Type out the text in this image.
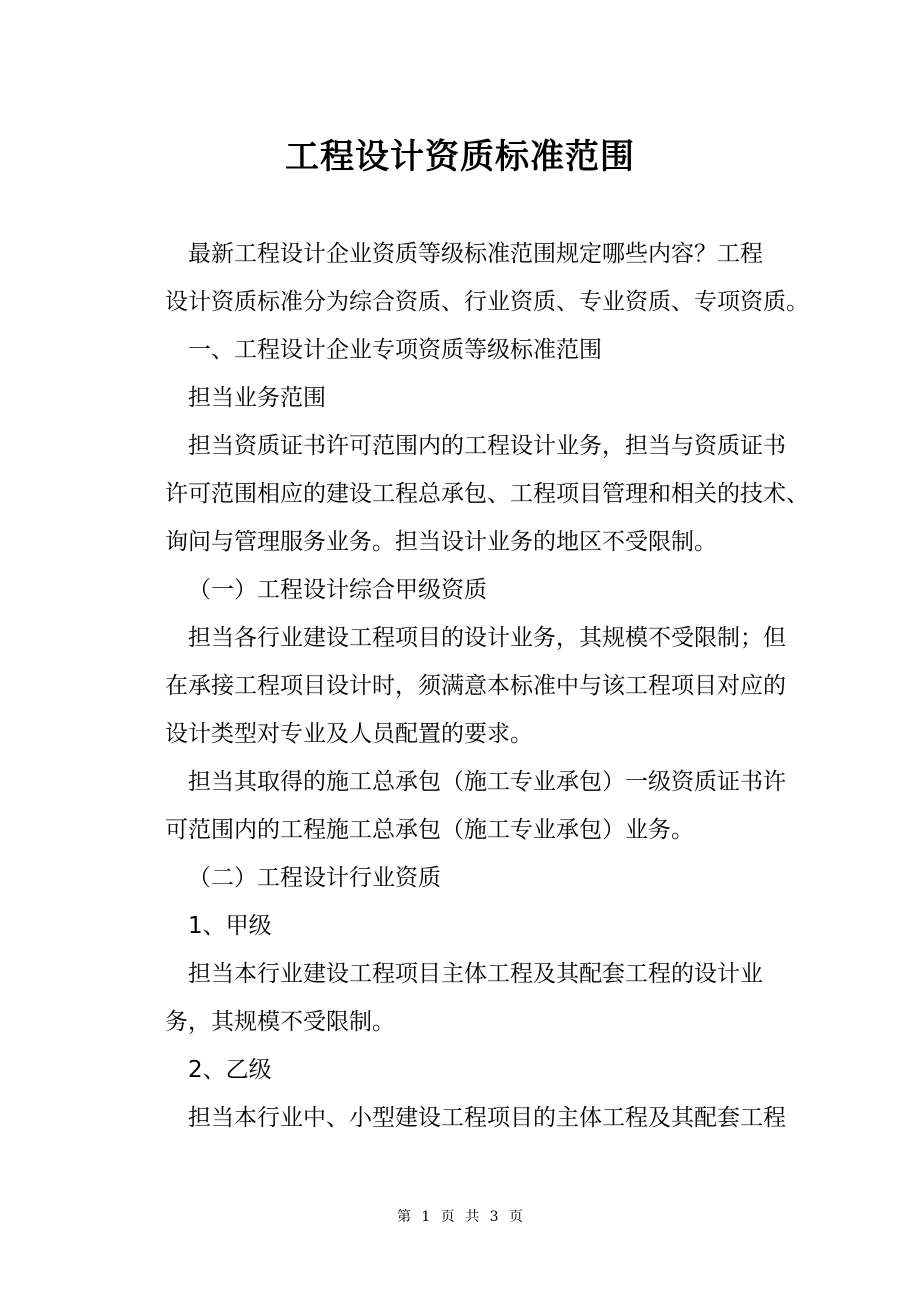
工程设计资质标准范围

最新工程设计企业资质等级标准范围规定哪些内容？工程

设计资质标准分为综合资质、行业资质、专业资质、专项资质。

一、工程设计企业专项资质等级标准范围

担当业务范围

担当资质证书许可范围内的工程设计业务，担当与资质证书

许可范围相应的建设工程总承包、工程项目管理和相关的技术、

询问与管理服务业务。担当设计业务的地区不受限制。

（一）工程设计综合甲级资质

担当各行业建设工程项目的设计业务，其规模不受限制；但

在承接工程项目设计时，须满意本标准中与该工程项目对应的

设计类型对专业及人员配置的要求。

担当其取得的施工总承包（施工专业承包）一级资质证书许

可范围内的工程施工总承包（施工专业承包）业务。

（二）工程设计行业资质

1、甲级

担当本行业建设工程项目主体工程及其配套工程的设计业

务，其规模不受限制。

2、乙级

担当本行业中、小型建设工程项目的主体工程及其配套工程

第 1 页 共 3 页
